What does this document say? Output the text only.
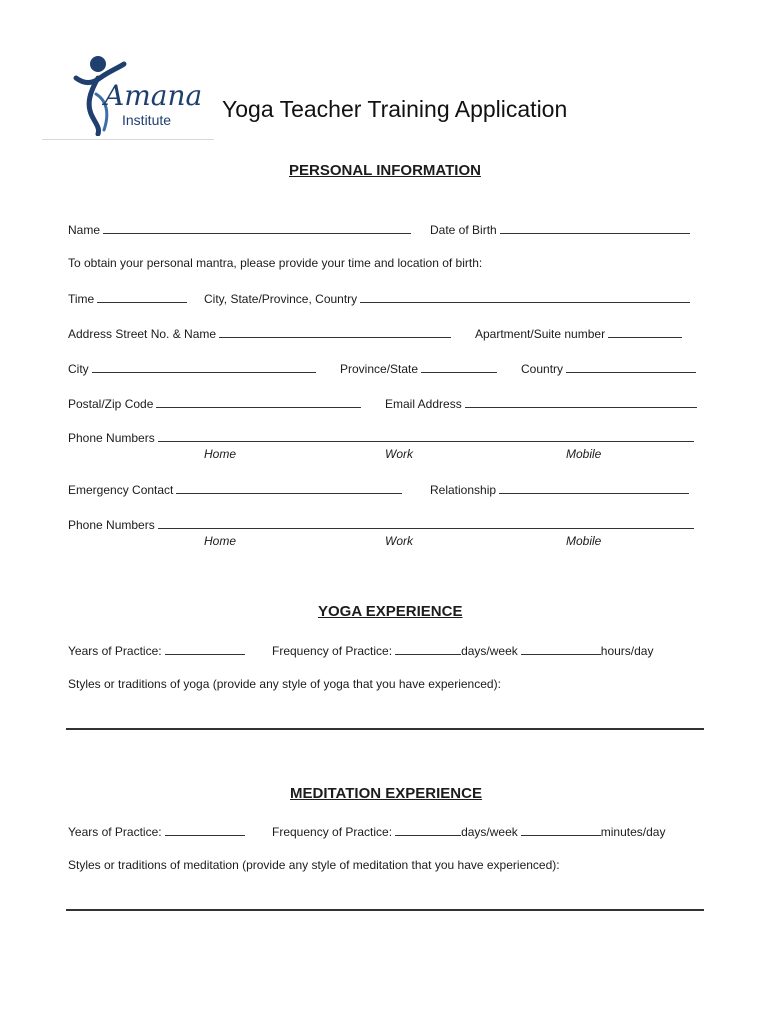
Amana
Institute Yoga Teacher Training Application
PERSONAL INFORMATION
Name	Date of Birth
To obtain your personal mantra, please provide your time and location of birth:
Time	City, State/Province, Country
Address Street No. & Name	Apartment/Suite number
City	Province/State	Country
Postal/Zip Code	Email Address
Phone Numbers
Home	Work	Mobile
Emergency Contact	Relationship
Phone Numbers
Home	Work	Mobile
YOGA EXPERIENCE
Years of Practice:	Frequency of Practice:	days/week	hours/day
Styles or traditions of yoga (provide any style of yoga that you have experienced):
MEDITATION EXPERIENCE
Years of Practice:	Frequency of Practice:	days/week	minutes/day
Styles or traditions of meditation (provide any style of meditation that you have experienced):
